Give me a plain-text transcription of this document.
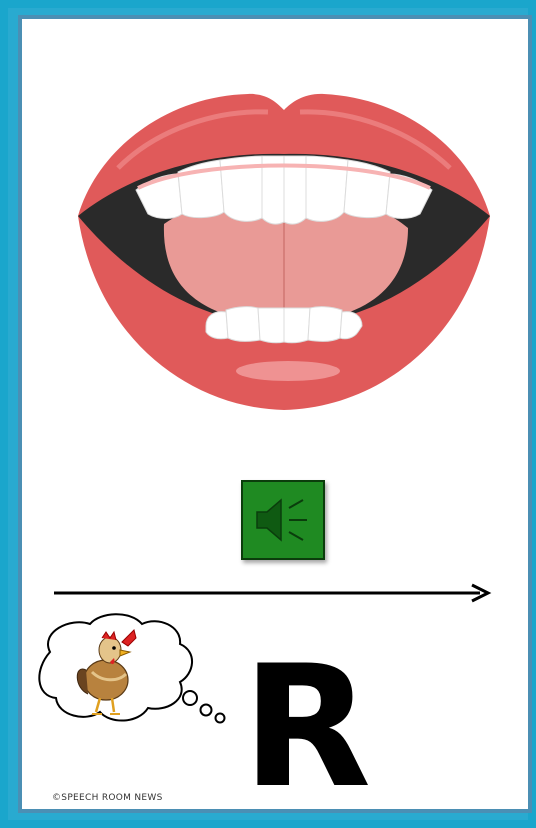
R
©SPEECH ROOM NEWS
